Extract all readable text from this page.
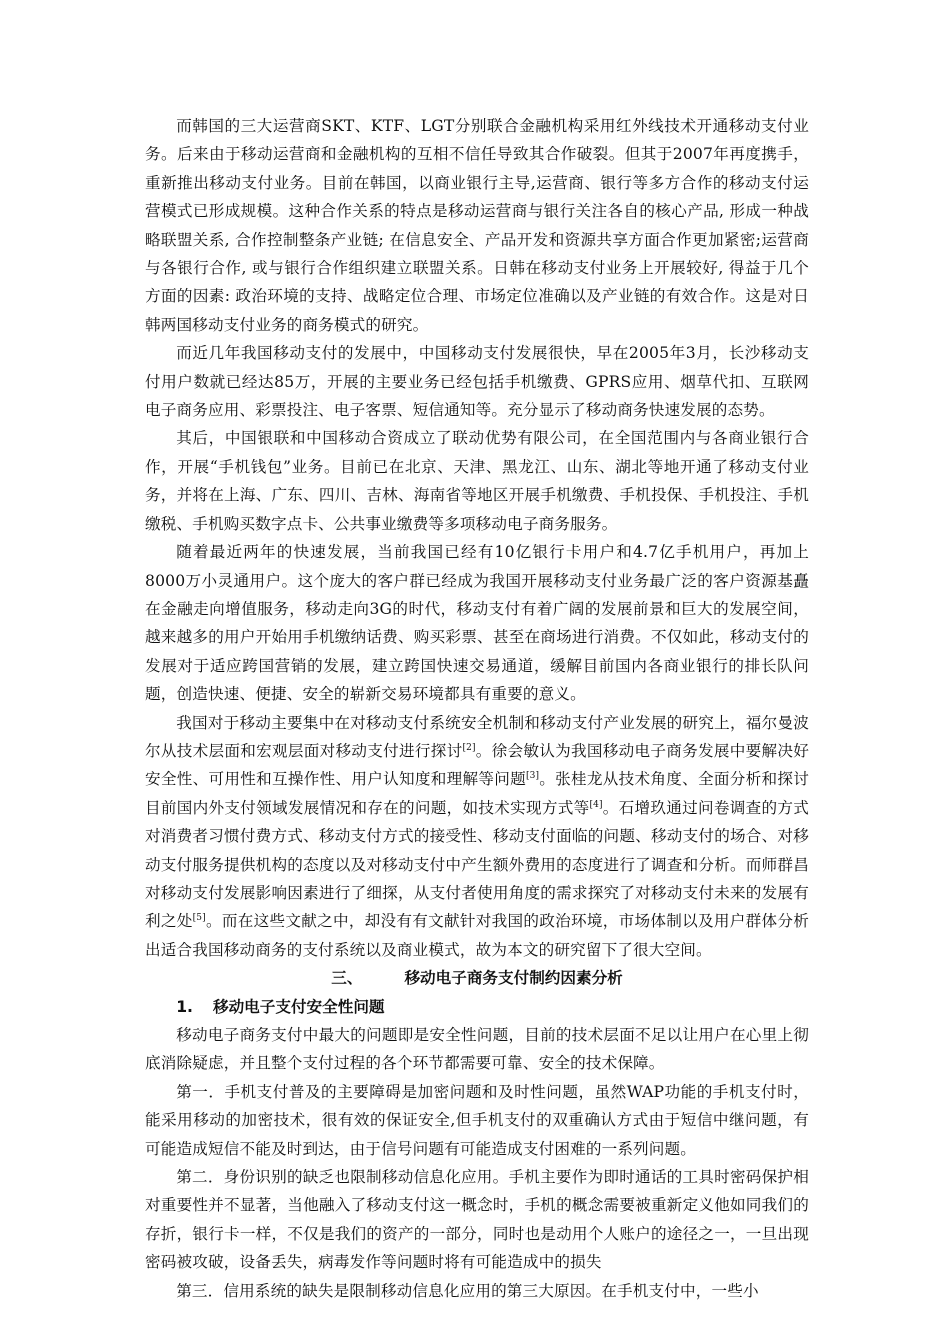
而韩国的三大运营商SKT、KTF、LGT分别联合金融机构采用红外线技术开通移动支付业务。后来由于移动运营商和金融机构的互相不信任导致其合作破裂。但其于2007年再度携手，重新推出移动支付业务。目前在韩国，以商业银行主导,运营商、银行等多方合作的移动支付运营模式已形成规模。这种合作关系的特点是移动运营商与银行关注各自的核心产品, 形成一种战略联盟关系, 合作控制整条产业链; 在信息安全、产品开发和资源共享方面合作更加紧密;运营商与各银行合作, 或与银行合作组织建立联盟关系。日韩在移动支付业务上开展较好, 得益于几个方面的因素: 政治环境的支持、战略定位合理、市场定位准确以及产业链的有效合作。这是对日韩两国移动支付业务的商务模式的研究。

而近几年我国移动支付的发展中，中国移动支付发展很快，早在2005年3月，长沙移动支付用户数就已经达85万，开展的主要业务已经包括手机缴费、GPRS应用、烟草代扣、互联网电子商务应用、彩票投注、电子客票、短信通知等。充分显示了移动商务快速发展的态势。

其后，中国银联和中国移动合资成立了联动优势有限公司，在全国范围内与各商业银行合作，开展“手机钱包”业务。目前已在北京、天津、黑龙江、山东、湖北等地开通了移动支付业务，并将在上海、广东、四川、吉林、海南省等地区开展手机缴费、手机投保、手机投注、手机缴税、手机购买数字点卡、公共事业缴费等多项移动电子商务服务。

随着最近两年的快速发展，当前我国已经有10亿银行卡用户和4.7亿手机用户，再加上8000万小灵通用户。这个庞大的客户群已经成为我国开展移动支付业务最广泛的客户资源基矗在金融走向增值服务，移动走向3G的时代，移动支付有着广阔的发展前景和巨大的发展空间，越来越多的用户开始用手机缴纳话费、购买彩票、甚至在商场进行消费。不仅如此，移动支付的发展对于适应跨国营销的发展，建立跨国快速交易通道，缓解目前国内各商业银行的排长队问题，创造快速、便捷、安全的崭新交易环境都具有重要的意义。

我国对于移动主要集中在对移动支付系统安全机制和移动支付产业发展的研究上，福尔曼波尔从技术层面和宏观层面对移动支付进行探讨[2]。徐会敏认为我国移动电子商务发展中要解决好安全性、可用性和互操作性、用户认知度和理解等问题[3]。张桂龙从技术角度、全面分析和探讨目前国内外支付领域发展情况和存在的问题，如技术实现方式等[4]。石增玖通过问卷调查的方式对消费者习惯付费方式、移动支付方式的接受性、移动支付面临的问题、移动支付的场合、对移动支付服务提供机构的态度以及对移动支付中产生额外费用的态度进行了调查和分析。而师群昌对移动支付发展影响因素进行了细探，从支付者使用角度的需求探究了对移动支付未来的发展有利之处[5]。而在这些文献之中，却没有有文献针对我国的政治环境，市场体制以及用户群体分析出适合我国移动商务的支付系统以及商业模式，故为本文的研究留下了很大空间。

三、	移动电子商务支付制约因素分析

1. 移动电子支付安全性问题

移动电子商务支付中最大的问题即是安全性问题，目前的技术层面不足以让用户在心里上彻底消除疑虑，并且整个支付过程的各个环节都需要可靠、安全的技术保障。

第一．手机支付普及的主要障碍是加密问题和及时性问题，虽然WAP功能的手机支付时，能采用移动的加密技术，很有效的保证安全,但手机支付的双重确认方式由于短信中继问题，有可能造成短信不能及时到达，由于信号问题有可能造成支付困难的一系列问题。

第二．身份识别的缺乏也限制移动信息化应用。手机主要作为即时通话的工具时密码保护相对重要性并不显著，当他融入了移动支付这一概念时，手机的概念需要被重新定义他如同我们的存折，银行卡一样，不仅是我们的资产的一部分，同时也是动用个人账户的途径之一，一旦出现密码被攻破，设备丢失，病毒发作等问题时将有可能造成中的损失

第三．信用系统的缺失是限制移动信息化应用的第三大原因。在手机支付中，一些小
